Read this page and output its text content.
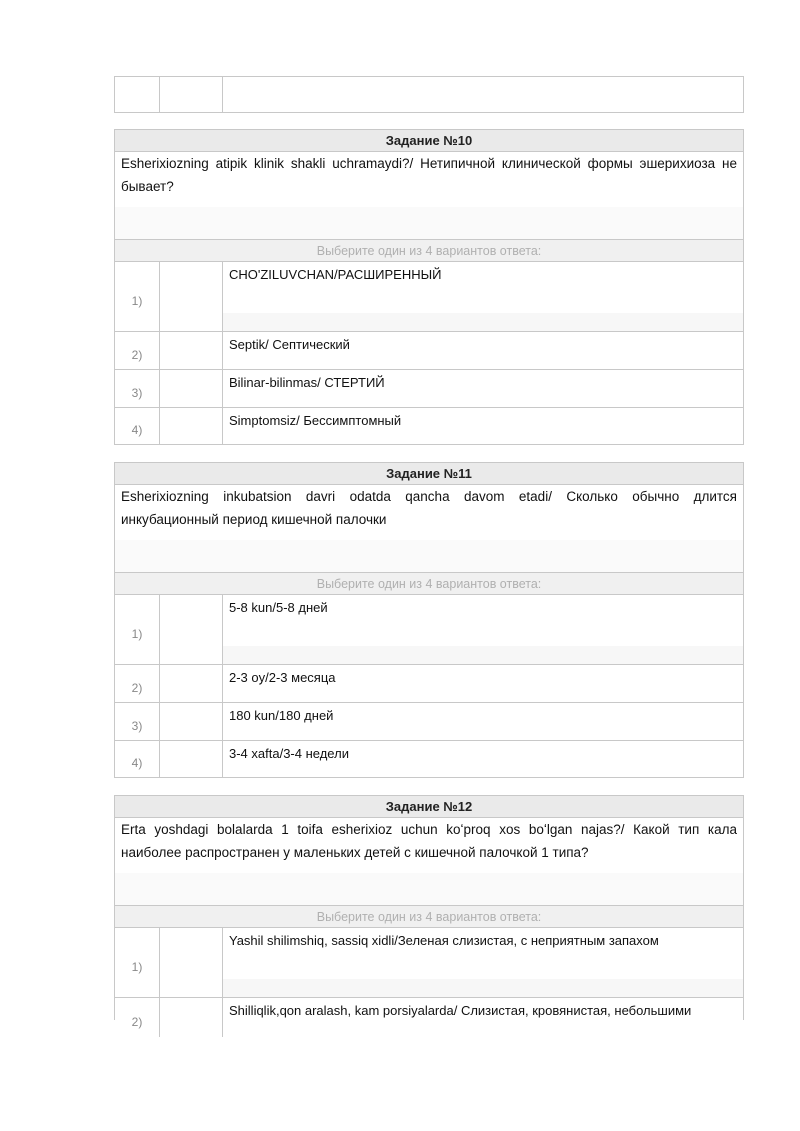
Задание №10
Esherixiozning atipik klinik shakli uchramaydi?/ Нетипичной клинической формы эшерихиоза не бывает?
Выберите один из 4 вариантов ответа:
1)
CHO'ZILUVCHAN/РАСШИРЕННЫЙ
2)
Septik/ Септический
3)
Bilinar-bilinmas/ СТЕРТИЙ
4)
Simptomsiz/ Бессимптомный
Задание №11
Esherixiozning inkubatsion davri odatda qancha davom etadi/ Сколько обычно длится инкубационный период кишечной палочки
Выберите один из 4 вариантов ответа:
1)
5-8 kun/5-8 дней
2)
2-3 oy/2-3 месяца
3)
180 kun/180 дней
4)
3-4 xafta/3-4 недели
Задание №12
Erta yoshdagi bolalarda 1 toifa esherixioz uchun koʻproq xos boʻlgan najas?/ Какой тип кала наиболее распространен у маленьких детей с кишечной палочкой 1 типа?
Выберите один из 4 вариантов ответа:
1)
Yashil shilimshiq, sassiq xidli/Зеленая слизистая, с неприятным запахом
2)
Shilliqlik,qon aralash, kam porsiyalarda/ Слизистая, кровянистая, небольшими
